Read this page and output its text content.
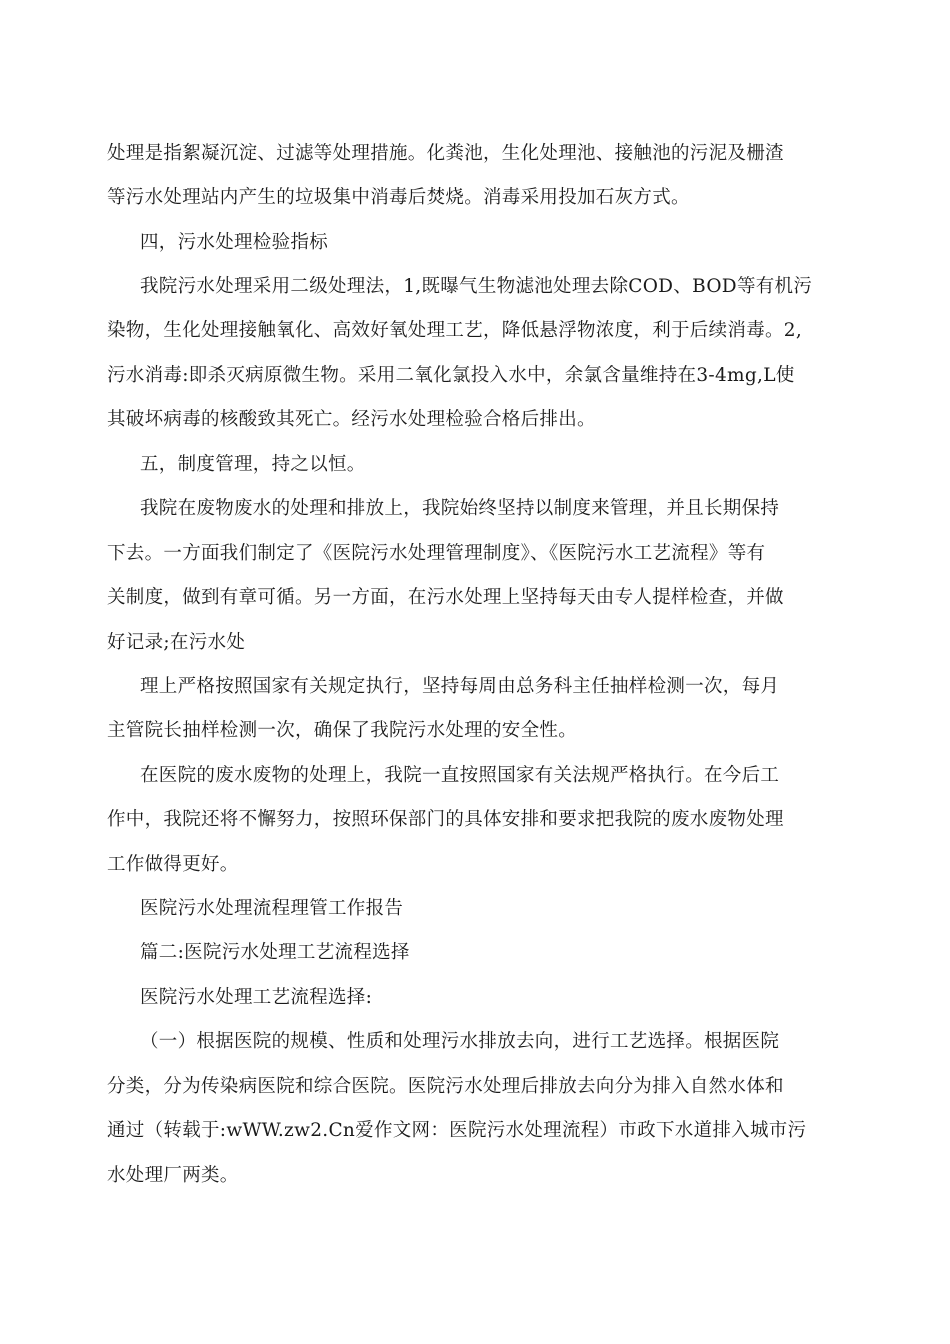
处理是指絮凝沉淀、过滤等处理措施。化粪池，生化处理池、接触池的污泥及栅渣
等污水处理站内产生的垃圾集中消毒后焚烧。消毒采用投加石灰方式。
四，污水处理检验指标
我院污水处理采用二级处理法，1,既曝气生物滤池处理去除COD、BOD等有机污
染物，生化处理接触氧化、高效好氧处理工艺，降低悬浮物浓度，利于后续消毒。2,
污水消毒:即杀灭病原微生物。采用二氧化氯投入水中，余氯含量维持在3-4mg,L使
其破坏病毒的核酸致其死亡。经污水处理检验合格后排出。
五，制度管理，持之以恒。
我院在废物废水的处理和排放上，我院始终坚持以制度来管理，并且长期保持
下去。一方面我们制定了《医院污水处理管理制度》、《医院污水工艺流程》等有
关制度，做到有章可循。另一方面，在污水处理上坚持每天由专人提样检查，并做
好记录;在污水处
理上严格按照国家有关规定执行，坚持每周由总务科主任抽样检测一次，每月
主管院长抽样检测一次，确保了我院污水处理的安全性。
在医院的废水废物的处理上，我院一直按照国家有关法规严格执行。在今后工
作中，我院还将不懈努力，按照环保部门的具体安排和要求把我院的废水废物处理
工作做得更好。
医院污水处理流程理管工作报告
篇二:医院污水处理工艺流程选择
医院污水处理工艺流程选择:
（一）根据医院的规模、性质和处理污水排放去向，进行工艺选择。根据医院
分类，分为传染病医院和综合医院。医院污水处理后排放去向分为排入自然水体和
通过（转载于:wWW.zw2.Cn爱作文网：医院污水处理流程）市政下水道排入城市污
水处理厂两类。
